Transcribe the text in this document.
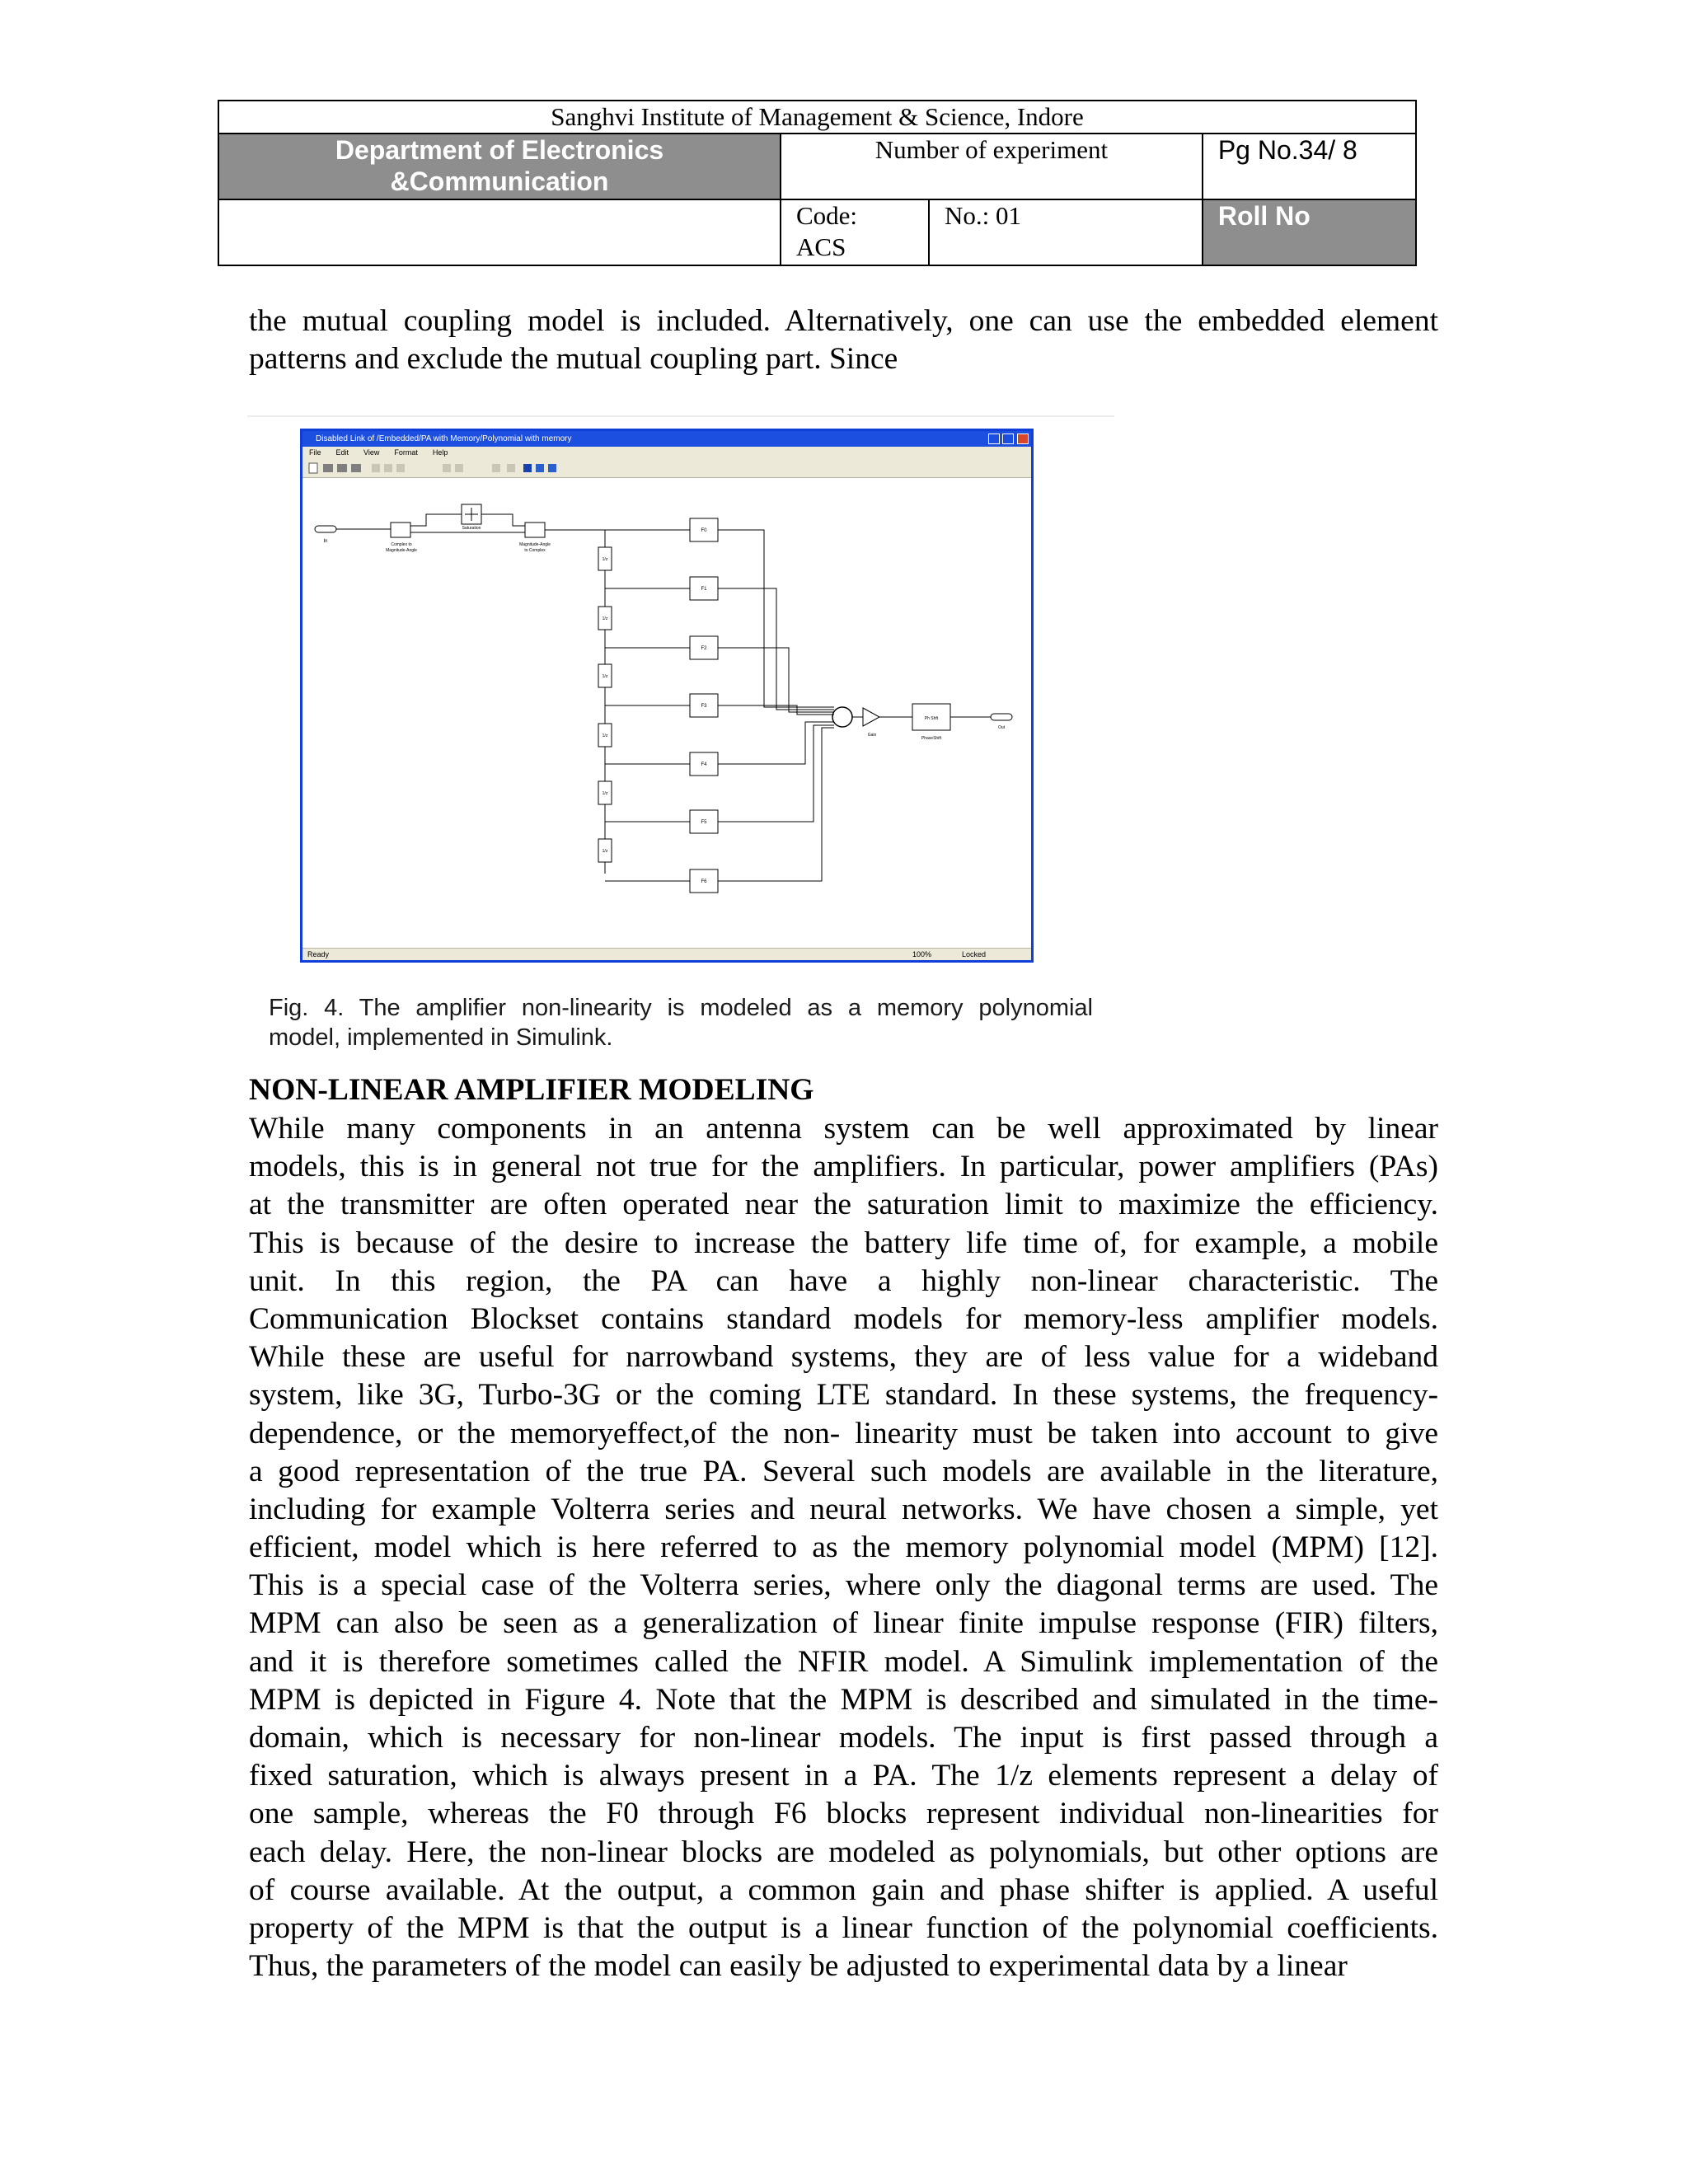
Sanghvi Institute of Management & Science, Indore			

Department of Electronics
&Communication	Number of experiment		Pg No.34/ 8

	Code:
ACS	No.: 01	Roll No
the mutual coupling model is included. Alternatively, one can use the embedded element
patterns and exclude the mutual coupling part. Since
Disabled Link of /Embedded/PA with Memory/Polynomial with memory
File Edit View Format Help
In
Complex to
Magnitude-Angle
Saturation
Magnitude-Angle
to Complex
1/z
1/z
1/z
1/z
1/z
1/z
F0
F1
F2
F3
F4
F5
F6
Gain
Ph Shft
PhaseShift
Out
Ready	100%	Locked
Fig. 4. The amplifier non-linearity is modeled as a memory polynomial
model, implemented in Simulink.
NON-LINEAR AMPLIFIER MODELING
While many components in an antenna system can be well approximated by linear
models, this is in general not true for the amplifiers. In particular, power amplifiers (PAs)
at the transmitter are often operated near the saturation limit to maximize the efficiency.
This is because of the desire to increase the battery life time of, for example, a mobile
unit. In this region, the PA can have a highly non-linear characteristic. The
Communication Blockset contains standard models for memory-less amplifier models.
While these are useful for narrowband systems, they are of less value for a wideband
system, like 3G, Turbo-3G or the coming LTE standard. In these systems, the frequency-
dependence, or the memoryeffect,of the non- linearity must be taken into account to give
a good representation of the true PA. Several such models are available in the literature,
including for example Volterra series and neural networks. We have chosen a simple, yet
efficient, model which is here referred to as the memory polynomial model (MPM) [12].
This is a special case of the Volterra series, where only the diagonal terms are used. The
MPM can also be seen as a generalization of linear finite impulse response (FIR) filters,
and it is therefore sometimes called the NFIR model. A Simulink implementation of the
MPM is depicted in Figure 4. Note that the MPM is described and simulated in the time-
domain, which is necessary for non-linear models. The input is first passed through a
fixed saturation, which is always present in a PA. The 1/z elements represent a delay of
one sample, whereas the F0 through F6 blocks represent individual non-linearities for
each delay. Here, the non-linear blocks are modeled as polynomials, but other options are
of course available. At the output, a common gain and phase shifter is applied. A useful
property of the MPM is that the output is a linear function of the polynomial coefficients.
Thus, the parameters of the model can easily be adjusted to experimental data by a linear
